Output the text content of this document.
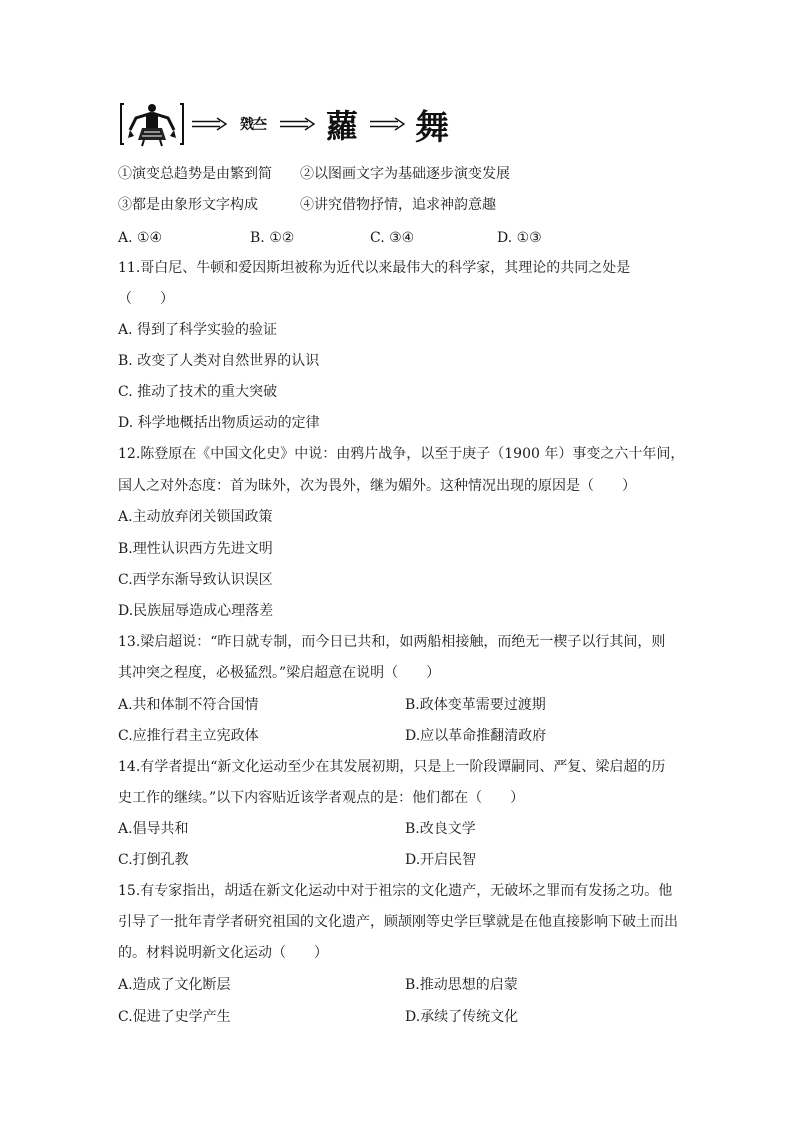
戣夳 蘿 舞
①演变总趋势是由繁到简 ②以图画文字为基础逐步演变发展
③都是由象形文字构成	④讲究借物抒情，追求神韵意趣
A. ①④	B. ①②	C. ③④	D. ①③
11.哥白尼、牛顿和爱因斯坦被称为近代以来最伟大的科学家，其理论的共同之处是
（　　）
A. 得到了科学实验的验证
B. 改变了人类对自然世界的认识
C. 推动了技术的重大突破
D. 科学地概括出物质运动的定律
12.陈登原在《中国文化史》中说：由鸦片战争，以至于庚子（1900 年）事变之六十年间，
国人之对外态度：首为昧外，次为畏外，继为媚外。这种情况出现的原因是（　　）
A.主动放弃闭关锁国政策
B.理性认识西方先进文明
C.西学东渐导致认识误区
D.民族屈辱造成心理落差
13.梁启超说：“昨日就专制，而今日已共和，如两船相接触，而绝无一楔子以行其间，则
其冲突之程度，必极猛烈。”梁启超意在说明（　　）
A.共和体制不符合国情	B.政体变革需要过渡期
C.应推行君主立宪政体	D.应以革命推翻清政府
14.有学者提出“新文化运动至少在其发展初期，只是上一阶段谭嗣同、严复、梁启超的历
史工作的继续。”以下内容贴近该学者观点的是：他们都在（　　）
A.倡导共和	B.改良文学
C.打倒孔教	D.开启民智
15.有专家指出，胡适在新文化运动中对于祖宗的文化遗产，无破坏之罪而有发扬之功。他
引导了一批年青学者研究祖国的文化遗产，顾颉刚等史学巨擘就是在他直接影响下破土而出
的。材料说明新文化运动（　　）
A.造成了文化断层	B.推动思想的启蒙
C.促进了史学产生	D.承续了传统文化
